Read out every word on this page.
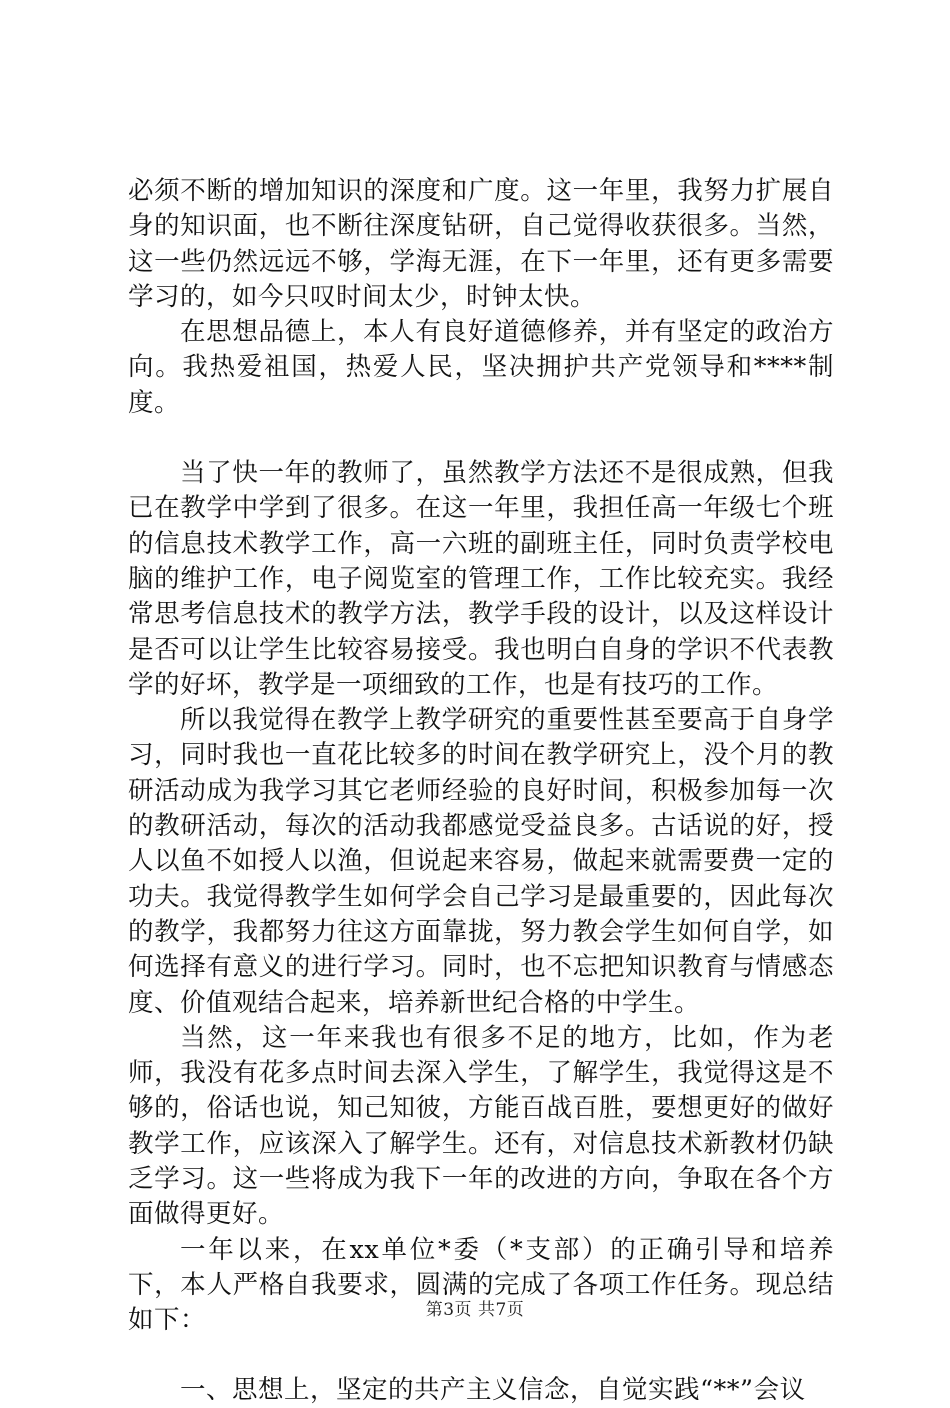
必须不断的增加知识的深度和广度。这一年里，我努力扩展自身的知识面，也不断往深度钻研，自己觉得收获很多。当然，这一些仍然远远不够，学海无涯，在下一年里，还有更多需要学习的，如今只叹时间太少，时钟太快。

在思想品德上，本人有良好道德修养，并有坚定的政治方向。我热爱祖国，热爱人民，坚决拥护共产党领导和****制度。

当了快一年的教师了，虽然教学方法还不是很成熟，但我已在教学中学到了很多。在这一年里，我担任高一年级七个班的信息技术教学工作，高一六班的副班主任，同时负责学校电脑的维护工作，电子阅览室的管理工作，工作比较充实。我经常思考信息技术的教学方法，教学手段的设计，以及这样设计是否可以让学生比较容易接受。我也明白自身的学识不代表教学的好坏，教学是一项细致的工作，也是有技巧的工作。

所以我觉得在教学上教学研究的重要性甚至要高于自身学习，同时我也一直花比较多的时间在教学研究上，没个月的教研活动成为我学习其它老师经验的良好时间，积极参加每一次的教研活动，每次的活动我都感觉受益良多。古话说的好，授人以鱼不如授人以渔，但说起来容易，做起来就需要费一定的功夫。我觉得教学生如何学会自己学习是最重要的，因此每次的教学，我都努力往这方面靠拢，努力教会学生如何自学，如何选择有意义的进行学习。同时，也不忘把知识教育与情感态度、价值观结合起来，培养新世纪合格的中学生。

当然，这一年来我也有很多不足的地方，比如，作为老师，我没有花多点时间去深入学生，了解学生，我觉得这是不够的，俗话也说，知己知彼，方能百战百胜，要想更好的做好教学工作，应该深入了解学生。还有，对信息技术新教材仍缺乏学习。这一些将成为我下一年的改进的方向，争取在各个方面做得更好。

一年以来，在xx单位*委（*支部）的正确引导和培养下，本人严格自我要求，圆满的完成了各项工作任务。现总结如下：

一、思想上，坚定的共产主义信念，自觉实践“**”会议

第3页 共7页
